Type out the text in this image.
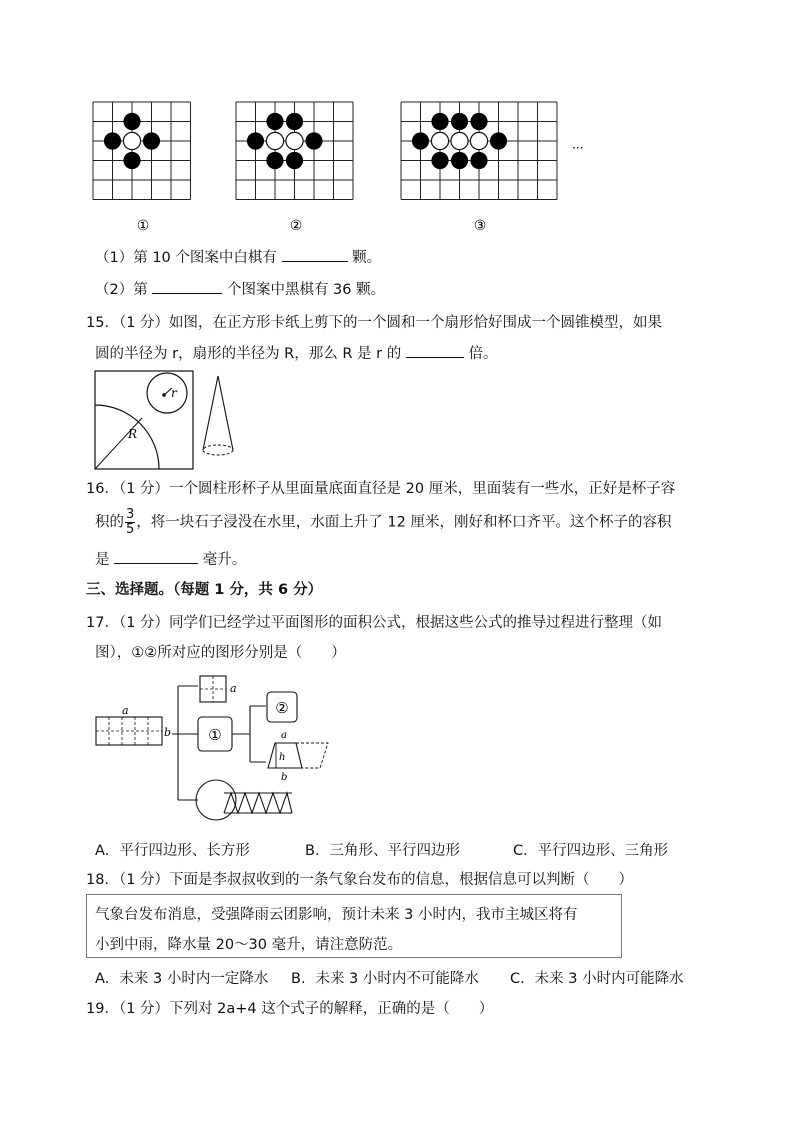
①	②	③
···
（1）第 10 个图案中白棋有	颗。
（2）第	个图案中黑棋有 36 颗。
15．（1 分）如图，在正方形卡纸上剪下的一个圆和一个扇形恰好围成一个圆锥模型，如果
圆的半径为 r，扇形的半径为 R，那么 R 是 r 的	倍。
R
r
16．（1 分）一个圆柱形杯子从里面量底面直径是 20 厘米，里面装有一些水，正好是杯子容
积的 $\frac{3}{5}$ ，将一块石子浸没在水里，水面上升了 12 厘米，刚好和杯口齐平。这个杯子的容积
是	毫升。
三、选择题。（每题 1 分，共 6 分）
17．（1 分）同学们已经学过平面图形的面积公式，根据这些公式的推导过程进行整理（如
图），①②所对应的图形分别是（　　）
a
b
a
①
②
a
h
b
A．平行四边形、长方形	B．三角形、平行四边形	C．平行四边形、三角形
18．（1 分）下面是李叔叔收到的一条气象台发布的信息，根据信息可以判断（　　）
气象台发布消息，受强降雨云团影响，预计未来 3 小时内，我市主城区将有
小到中雨，降水量 20～30 毫升，请注意防范。
A．未来 3 小时内一定降水 B．未来 3 小时内不可能降水 C．未来 3 小时内可能降水
19．（1 分）下列对 2a+4 这个式子的解释，正确的是（　　）
